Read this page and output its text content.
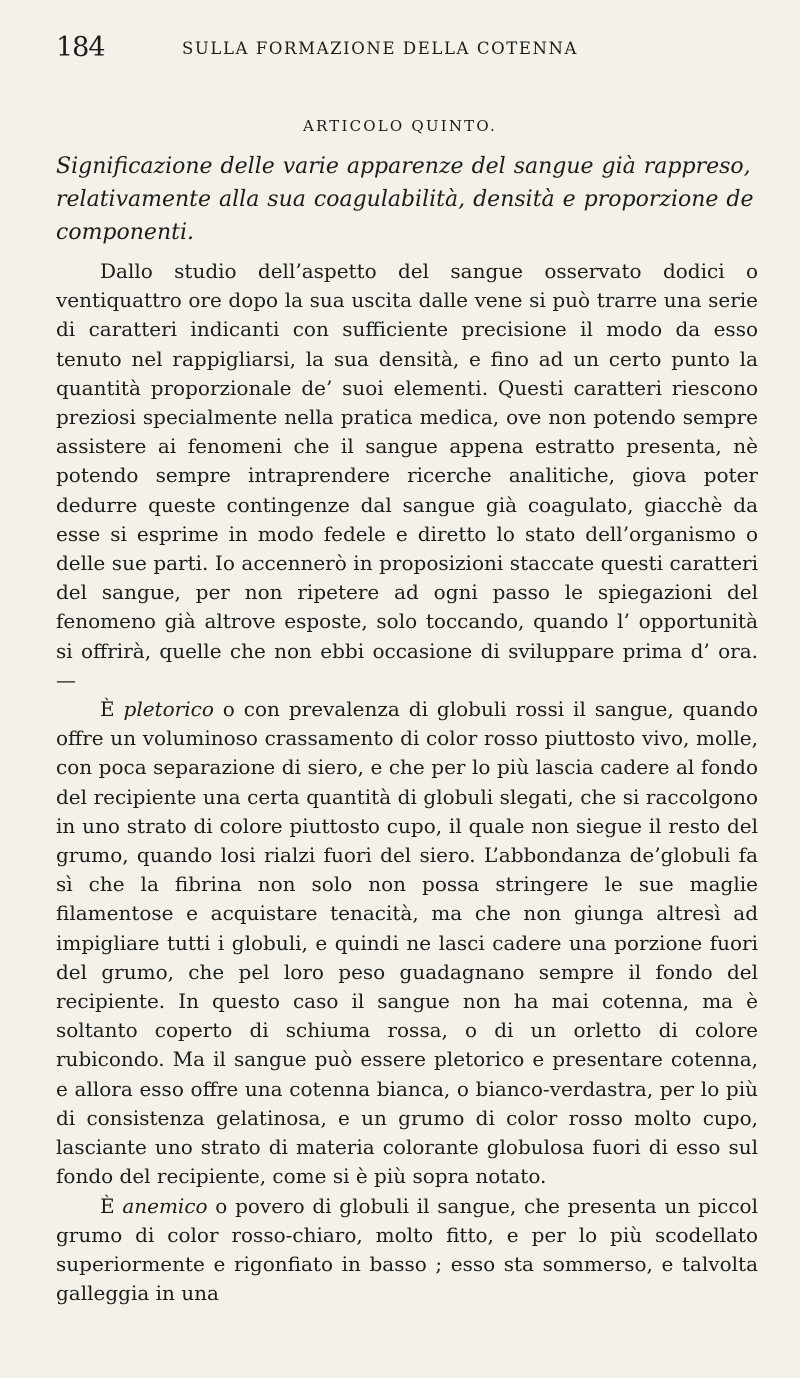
184	SULLA FORMAZIONE DELLA COTENNA
ARTICOLO QUINTO.
Significazione delle varie apparenze del sangue già rappreso, relativamente alla sua coagulabilità, densità e proporzione de componenti.

Dallo studio dell’aspetto del sangue osservato dodici o ventiquattro ore dopo la sua uscita dalle vene si può trarre una serie di caratteri indicanti con sufficiente precisione il modo da esso tenuto nel rappigliarsi, la sua densità, e fino ad un certo punto la quantità proporzionale de’ suoi elementi. Questi caratteri riescono preziosi specialmente nella pratica medica, ove non potendo sempre assistere ai fenomeni che il sangue appena estratto presenta, nè potendo sempre intraprendere ricerche analitiche, giova poter dedurre queste contingenze dal sangue già coagulato, giacchè da esse si esprime in modo fedele e diretto lo stato dell’organismo o delle sue parti. Io accennerò in proposizioni staccate questi caratteri del sangue, per non ripetere ad ogni passo le spiegazioni del fenomeno già altrove esposte, solo toccando, quando l’ opportunità si offrirà, quelle che non ebbi occasione di sviluppare prima d’ ora. —

È pletorico o con prevalenza di globuli rossi il sangue, quando offre un voluminoso crassamento di color rosso piuttosto vivo, molle, con poca separazione di siero, e che per lo più lascia cadere al fondo del recipiente una certa quantità di globuli slegati, che si raccolgono in uno strato di colore piuttosto cupo, il quale non siegue il resto del grumo, quando losi rialzi fuori del siero. L’abbondanza de’globuli fa sì che la fibrina non solo non possa stringere le sue maglie filamentose e acquistare tenacità, ma che non giunga altresì ad impigliare tutti i globuli, e quindi ne lasci cadere una porzione fuori del grumo, che pel loro peso guadagnano sempre il fondo del recipiente. In questo caso il sangue non ha mai cotenna, ma è soltanto coperto di schiuma rossa, o di un orletto di colore rubicondo. Ma il sangue può essere pletorico e presentare cotenna, e allora esso offre una cotenna bianca, o bianco-verdastra, per lo più di consistenza gelatinosa, e un grumo di color rosso molto cupo, lasciante uno strato di materia colorante globulosa fuori di esso sul fondo del recipiente, come si è più sopra notato.

È anemico o povero di globuli il sangue, che presenta un piccol grumo di color rosso-chiaro, molto fitto, e per lo più scodellato superiormente e rigonfiato in basso ; esso sta sommerso, e talvolta galleggia in una
